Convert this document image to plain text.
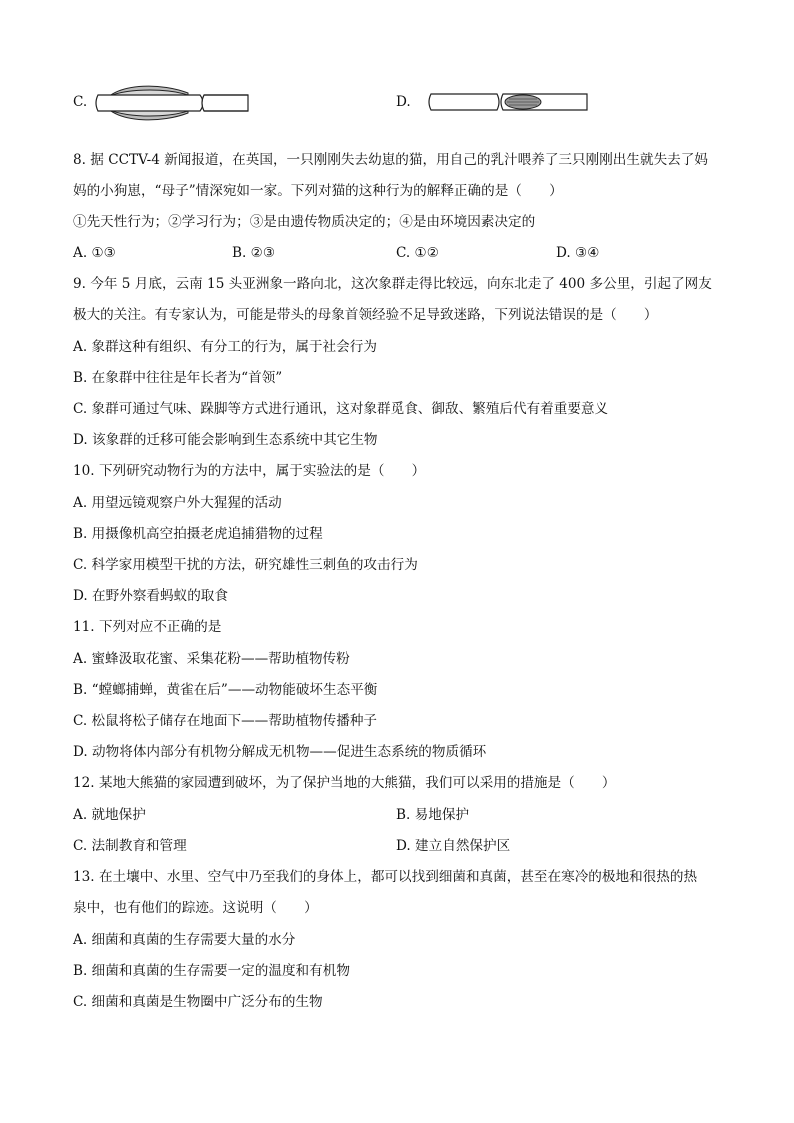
C.	D.
8. 据 CCTV-4 新闻报道，在英国，一只刚刚失去幼崽的猫，用自己的乳汁喂养了三只刚刚出生就失去了妈
妈的小狗崽，“母子”情深宛如一家。下列对猫的这种行为的解释正确的是（　　）
①先天性行为；②学习行为；③是由遗传物质决定的；④是由环境因素决定的
A. ①③	B. ②③	C. ①②	D. ③④
9. 今年 5 月底，云南 15 头亚洲象一路向北，这次象群走得比较远，向东北走了 400 多公里，引起了网友
极大的关注。有专家认为，可能是带头的母象首领经验不足导致迷路，下列说法错误的是（　　）
A. 象群这种有组织、有分工的行为，属于社会行为
B. 在象群中往往是年长者为“首领”
C. 象群可通过气味、跺脚等方式进行通讯，这对象群觅食、御敌、繁殖后代有着重要意义
D. 该象群的迁移可能会影响到生态系统中其它生物
10. 下列研究动物行为的方法中，属于实验法的是（　　）
A. 用望远镜观察户外大猩猩的活动
B. 用摄像机高空拍摄老虎追捕猎物的过程
C. 科学家用模型干扰的方法，研究雄性三刺鱼的攻击行为
D. 在野外察看蚂蚁的取食
11. 下列对应不正确的是
A. 蜜蜂汲取花蜜、采集花粉——帮助植物传粉
B. “螳螂捕蝉，黄雀在后”——动物能破坏生态平衡
C. 松鼠将松子储存在地面下——帮助植物传播种子
D. 动物将体内部分有机物分解成无机物——促进生态系统的物质循环
12. 某地大熊猫的家园遭到破坏，为了保护当地的大熊猫，我们可以采用的措施是（　　）
A. 就地保护	B. 易地保护
C. 法制教育和管理	D. 建立自然保护区
13. 在土壤中、水里、空气中乃至我们的身体上，都可以找到细菌和真菌，甚至在寒冷的极地和很热的热
泉中，也有他们的踪迹。这说明（　　）
A. 细菌和真菌的生存需要大量的水分
B. 细菌和真菌的生存需要一定的温度和有机物
C. 细菌和真菌是生物圈中广泛分布的生物
